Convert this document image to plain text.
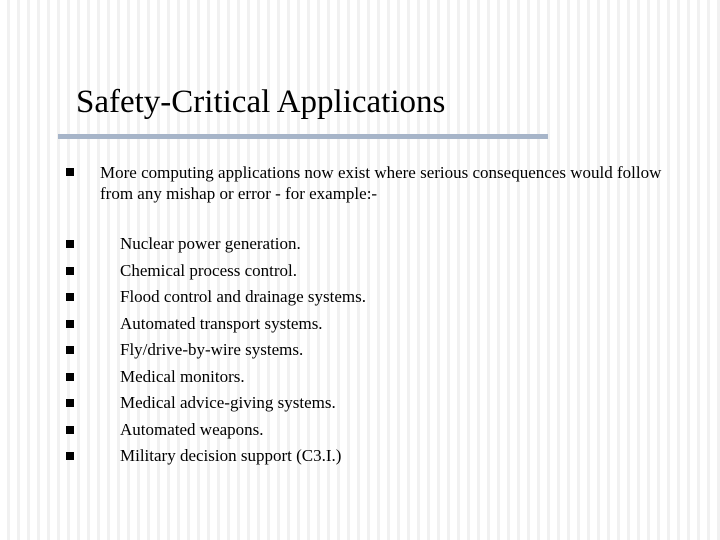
Safety-Critical Applications
More computing applications now exist where serious consequences would follow from any mishap or error - for example:-
Nuclear power generation.
Chemical process control.
Flood control and drainage systems.
Automated transport systems.
Fly/drive-by-wire systems.
Medical monitors.
Medical advice-giving systems.
Automated weapons.
Military decision support (C3.I.)
